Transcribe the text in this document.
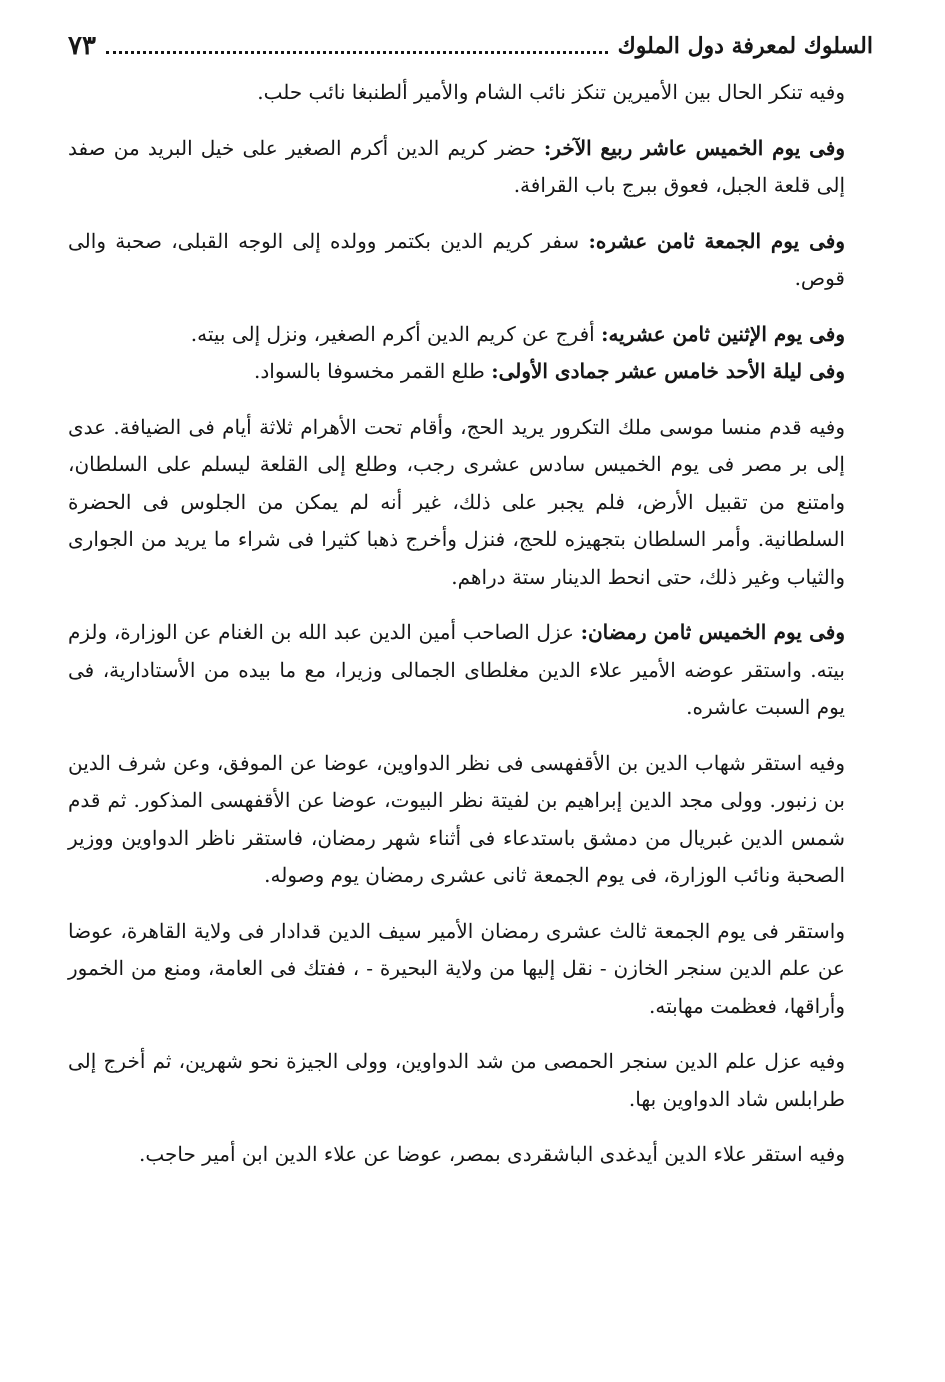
السلوك لمعرفة دول الملوك
٧٣

وفيه تنكر الحال بين الأميرين تنكز نائب الشام والأمير ألطنبغا نائب حلب.

وفى يوم الخميس عاشر ربيع الآخر: حضر كريم الدين أكرم الصغير على خيل البريد من صفد إلى قلعة الجبل، فعوق ببرج باب القرافة.

وفى يوم الجمعة ثامن عشره: سفر كريم الدين بكتمر وولده إلى الوجه القبلى، صحبة والى قوص.

وفى يوم الإثنين ثامن عشريه: أفرج عن كريم الدين أكرم الصغير، ونزل إلى بيته.

وفى ليلة الأحد خامس عشر جمادى الأولى: طلع القمر مخسوفا بالسواد.

وفيه قدم منسا موسى ملك التكرور يريد الحج، وأقام تحت الأهرام ثلاثة أيام فى الضيافة. عدى إلى بر مصر فى يوم الخميس سادس عشرى رجب، وطلع إلى القلعة ليسلم على السلطان، وامتنع من تقبيل الأرض، فلم يجبر على ذلك، غير أنه لم يمكن من الجلوس فى الحضرة السلطانية. وأمر السلطان بتجهيزه للحج، فنزل وأخرج ذهبا كثيرا فى شراء ما يريد من الجوارى والثياب وغير ذلك، حتى انحط الدينار ستة دراهم.

وفى يوم الخميس ثامن رمضان: عزل الصاحب أمين الدين عبد الله بن الغنام عن الوزارة، ولزم بيته. واستقر عوضه الأمير علاء الدين مغلطاى الجمالى وزيرا، مع ما بيده من الأستادارية، فى يوم السبت عاشره.

وفيه استقر شهاب الدين بن الأقفهسى فى نظر الدواوين، عوضا عن الموفق، وعن شرف الدين بن زنبور. وولى مجد الدين إبراهيم بن لفيتة نظر البيوت، عوضا عن الأقفهسى المذكور. ثم قدم شمس الدين غبريال من دمشق باستدعاء فى أثناء شهر رمضان، فاستقر ناظر الدواوين ووزير الصحبة ونائب الوزارة، فى يوم الجمعة ثانى عشرى رمضان يوم وصوله.

واستقر فى يوم الجمعة ثالث عشرى رمضان الأمير سيف الدين قدادار فى ولاية القاهرة، عوضا عن علم الدين سنجر الخازن - نقل إليها من ولاية البحيرة - ، ففتك فى العامة، ومنع من الخمور وأراقها، فعظمت مهابته.

وفيه عزل علم الدين سنجر الحمصى من شد الدواوين، وولى الجيزة نحو شهرين، ثم أخرج إلى طرابلس شاد الدواوين بها.

وفيه استقر علاء الدين أيدغدى الباشقردى بمصر، عوضا عن علاء الدين ابن أمير حاجب.
